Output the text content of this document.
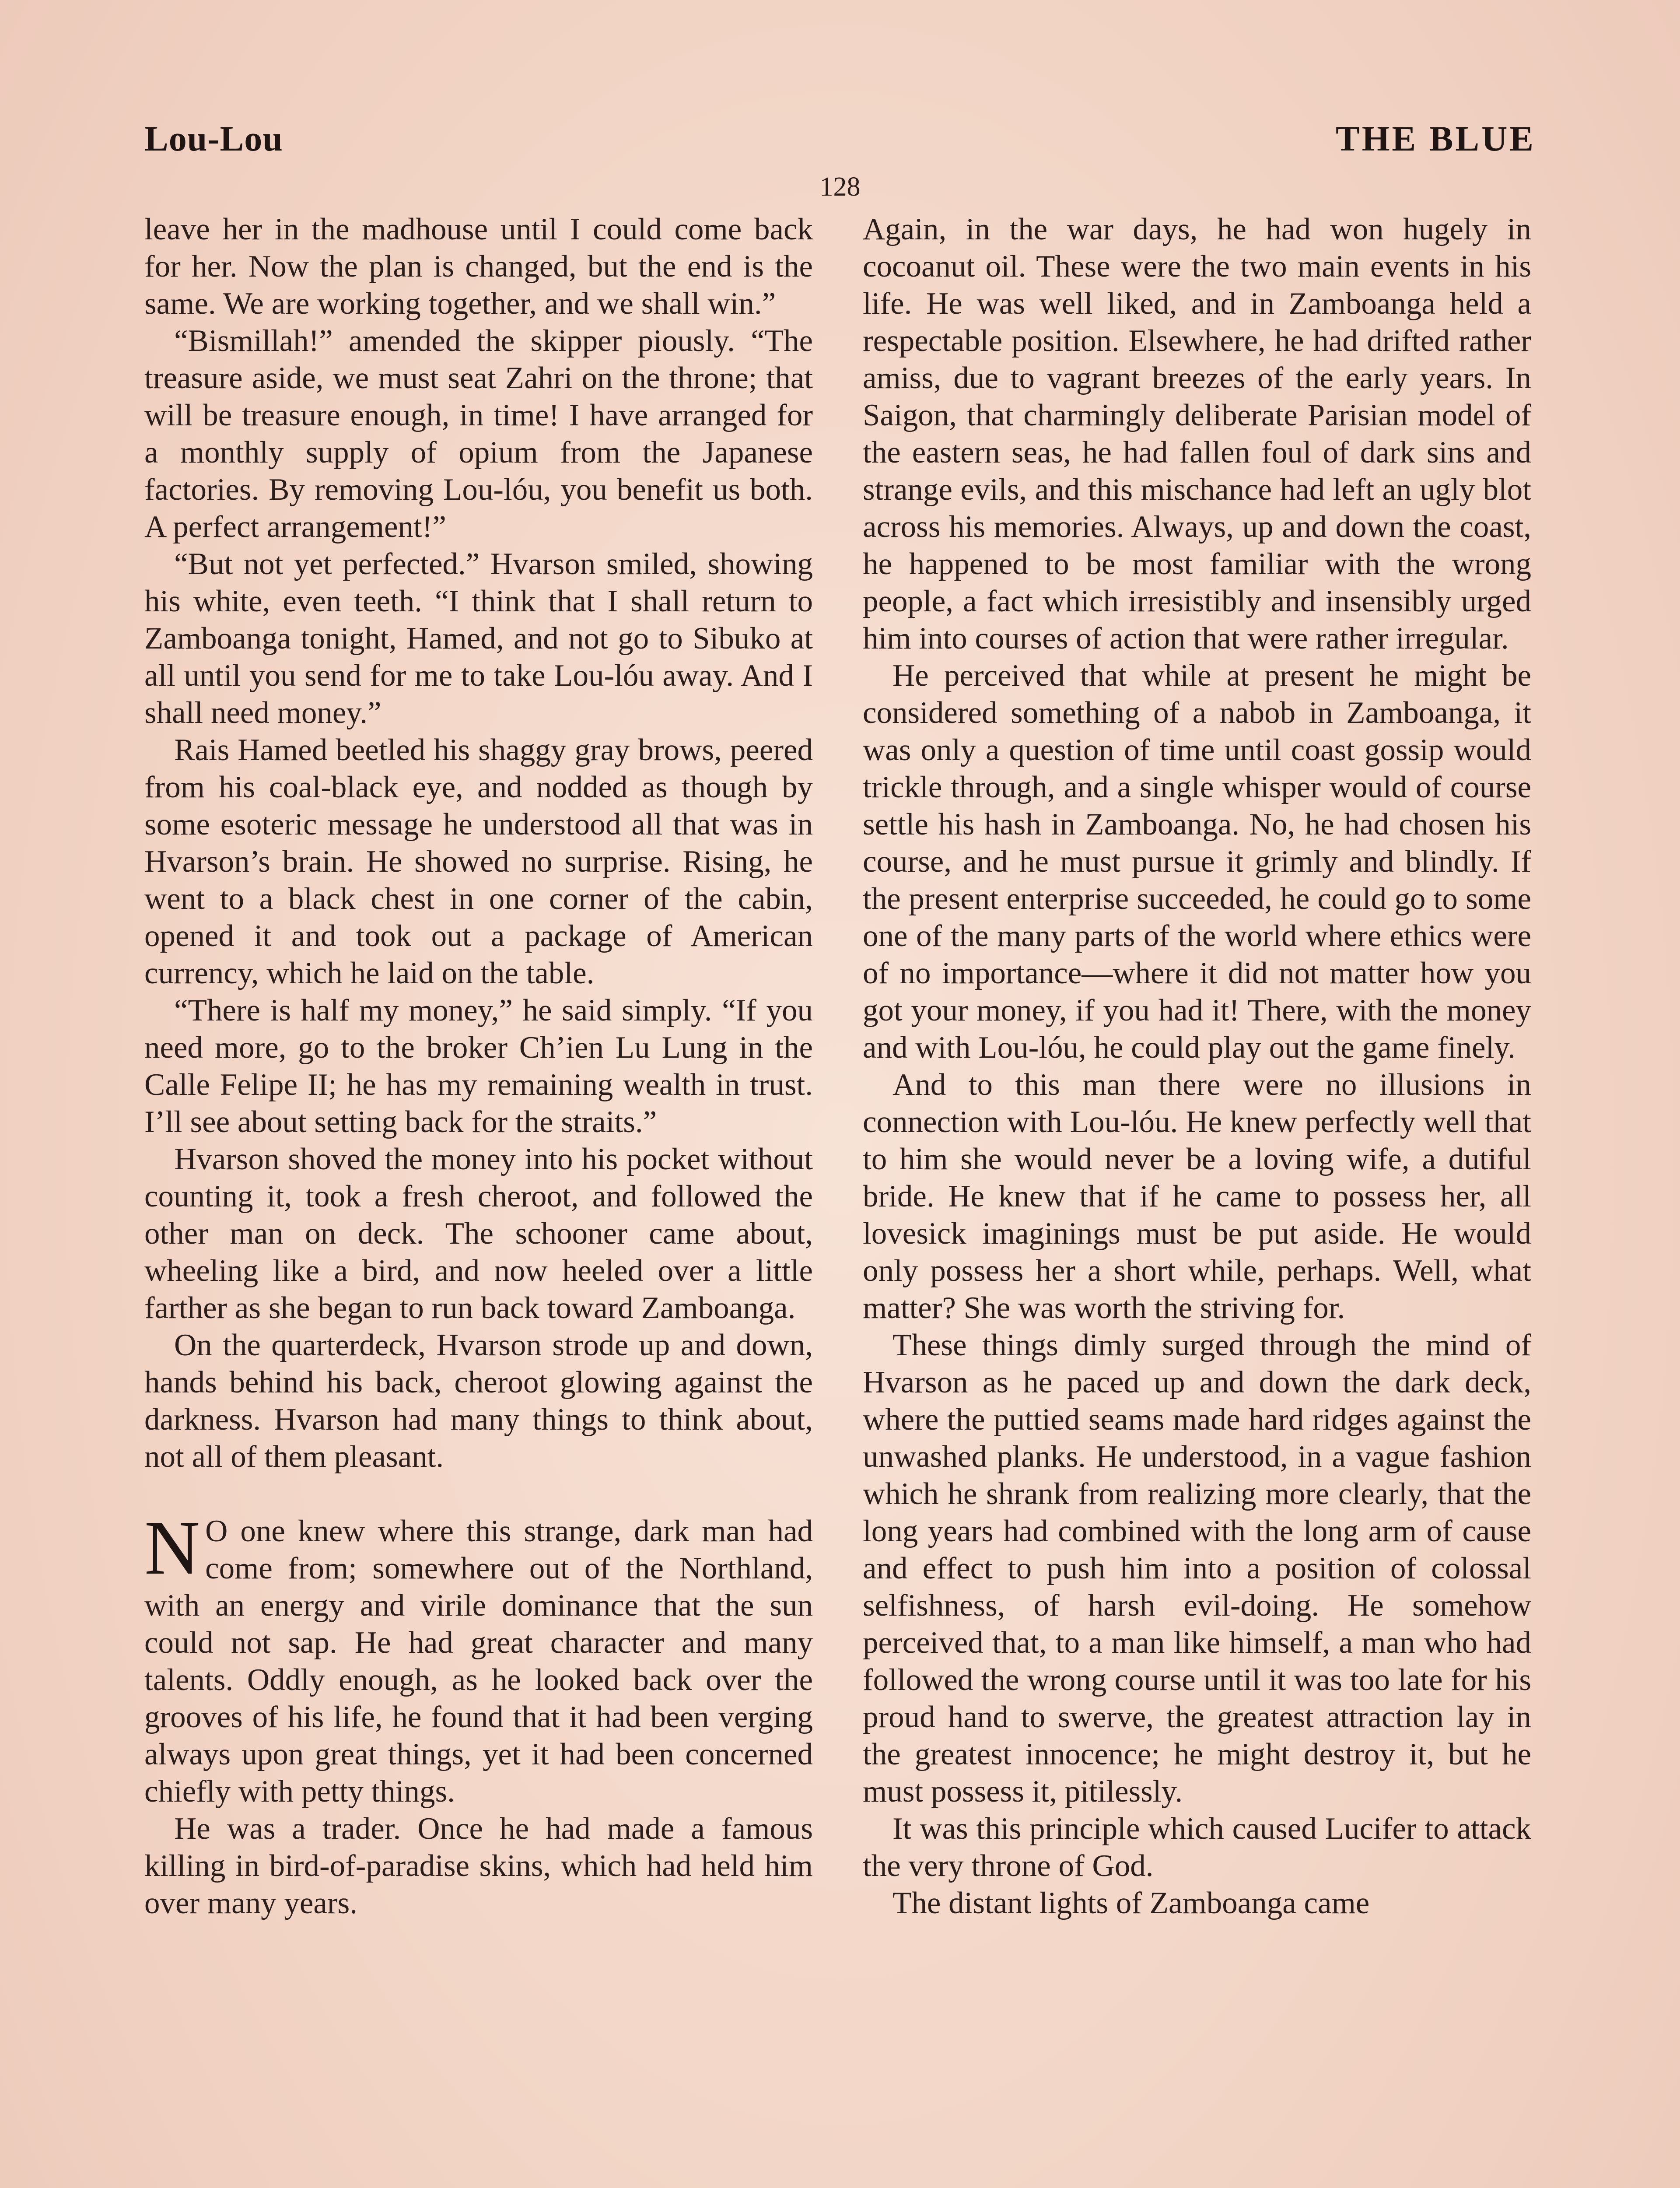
Lou-Lou	THE BLUE
128

leave her in the madhouse until I could come back for her. Now the plan is changed, but the end is the same. We are working together, and we shall win.”

“Bismillah!” amended the skipper piously. “The treasure aside, we must seat Zahri on the throne; that will be treasure enough, in time! I have arranged for a monthly supply of opium from the Japanese factories. By removing Lou-lóu, you benefit us both. A perfect arrangement!”

“But not yet perfected.” Hvarson smiled, showing his white, even teeth. “I think that I shall return to Zamboanga tonight, Hamed, and not go to Sibuko at all until you send for me to take Lou-lóu away. And I shall need money.”

Rais Hamed beetled his shaggy gray brows, peered from his coal-black eye, and nodded as though by some esoteric message he understood all that was in Hvarson’s brain. He showed no surprise. Rising, he went to a black chest in one corner of the cabin, opened it and took out a package of American currency, which he laid on the table.

“There is half my money,” he said simply. “If you need more, go to the broker Ch’ien Lu Lung in the Calle Felipe II; he has my remaining wealth in trust. I’ll see about setting back for the straits.”

Hvarson shoved the money into his pocket without counting it, took a fresh cheroot, and followed the other man on deck. The schooner came about, wheeling like a bird, and now heeled over a little farther as she began to run back toward Zamboanga.

On the quarterdeck, Hvarson strode up and down, hands behind his back, cheroot glowing against the darkness. Hvarson had many things to think about, not all of them pleasant.

N O one knew where this strange, dark man had come from; somewhere out of the Northland, with an energy and virile dominance that the sun could not sap. He had great character and many talents. Oddly enough, as he looked back over the grooves of his life, he found that it had been verging always upon great things, yet it had been concerned chiefly with petty things.

He was a trader. Once he had made a famous killing in bird-of-paradise skins, which had held him over many years.

Again, in the war days, he had won hugely in cocoanut oil. These were the two main events in his life. He was well liked, and in Zamboanga held a respectable position. Elsewhere, he had drifted rather amiss, due to vagrant breezes of the early years. In Saigon, that charmingly deliberate Parisian model of the eastern seas, he had fallen foul of dark sins and strange evils, and this mischance had left an ugly blot across his memories. Always, up and down the coast, he happened to be most familiar with the wrong people, a fact which irresistibly and insensibly urged him into courses of action that were rather irregular.

He perceived that while at present he might be considered something of a nabob in Zamboanga, it was only a question of time until coast gossip would trickle through, and a single whisper would of course settle his hash in Zamboanga. No, he had chosen his course, and he must pursue it grimly and blindly. If the present enterprise succeeded, he could go to some one of the many parts of the world where ethics were of no importance—where it did not matter how you got your money, if you had it! There, with the money and with Lou-lóu, he could play out the game finely.

And to this man there were no illusions in connection with Lou-lóu. He knew perfectly well that to him she would never be a loving wife, a dutiful bride. He knew that if he came to possess her, all lovesick imaginings must be put aside. He would only possess her a short while, perhaps. Well, what matter? She was worth the striving for.

These things dimly surged through the mind of Hvarson as he paced up and down the dark deck, where the puttied seams made hard ridges against the unwashed planks. He understood, in a vague fashion which he shrank from realizing more clearly, that the long years had combined with the long arm of cause and effect to push him into a position of colossal selfishness, of harsh evil-doing. He somehow perceived that, to a man like himself, a man who had followed the wrong course until it was too late for his proud hand to swerve, the greatest attraction lay in the greatest innocence; he might destroy it, but he must possess it, pitilessly.

It was this principle which caused Lucifer to attack the very throne of God.

The distant lights of Zamboanga came
